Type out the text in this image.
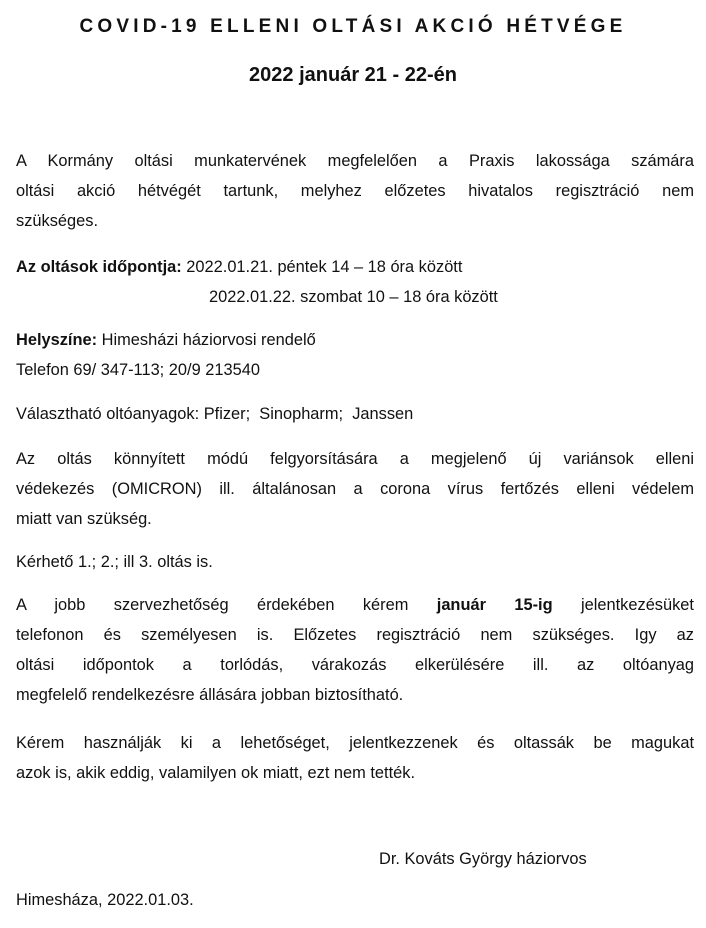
COVID-19 ELLENI OLTÁSI AKCIÓ HÉTVÉGE
2022 január 21 - 22-én
A Kormány oltási munkatervének megfelelően a Praxis lakossága számára
oltási akció hétvégét tartunk, melyhez előzetes hivatalos regisztráció nem
szükséges.
Az oltások időpontja: 2022.01.21. péntek 14 – 18 óra között
2022.01.22. szombat 10 – 18 óra között
Helyszíne: Himesházi háziorvosi rendelő
Telefon 69/ 347-113; 20/9 213540
Választható oltóanyagok: Pfizer;  Sinopharm;  Janssen
Az oltás könnyített módú felgyorsítására a megjelenő új variánsok elleni
védekezés (OMICRON) ill. általánosan a corona vírus fertőzés elleni védelem
miatt van szükség.
Kérhető 1.; 2.; ill 3. oltás is.
A jobb szervezhetőség érdekében kérem január 15-ig jelentkezésüket
telefonon és személyesen is. Előzetes regisztráció nem szükséges. Igy az
oltási időpontok a torlódás, várakozás elkerülésére ill. az oltóanyag
megfelelő rendelkezésre állására jobban biztosítható.
Kérem használják ki a lehetőséget, jelentkezzenek és oltassák be magukat
azok is, akik eddig, valamilyen ok miatt, ezt nem tették.
Dr. Kováts György háziorvos
Himesháza, 2022.01.03.
